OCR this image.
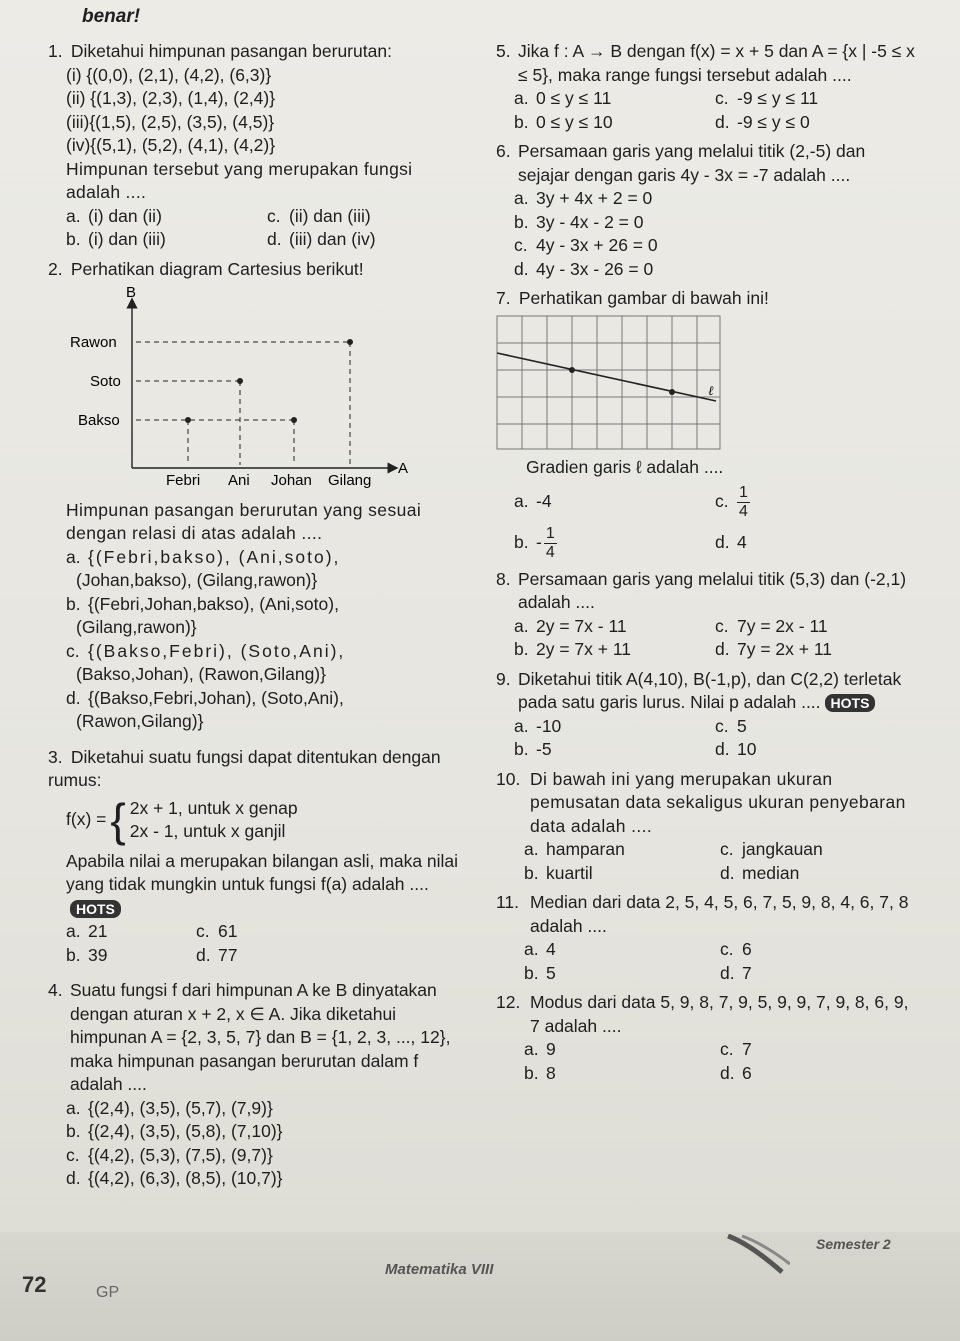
benar!
1. Diketahui himpunan pasangan berurutan:
(i) {(0,0), (2,1), (4,2), (6,3)}
(ii) {(1,3), (2,3), (1,4), (2,4)}
(iii){(1,5), (2,5), (3,5), (4,5)}
(iv){(5,1), (5,2), (4,1), (4,2)}
Himpunan tersebut yang merupakan fungsi adalah ....
a. (i) dan (ii)	c. (ii) dan (iii)
b. (i) dan (iii)	d. (iii) dan (iv)
2. Perhatikan diagram Cartesius berikut!
B
A
Rawon
Soto
Bakso
Febri Ani Johan Gilang
Himpunan pasangan berurutan yang sesuai dengan relasi di atas adalah ....
a. {(Febri,bakso), (Ani,soto),
(Johan,bakso), (Gilang,rawon)}
b. {(Febri,Johan,bakso), (Ani,soto),
(Gilang,rawon)}
c. {(Bakso,Febri), (Soto,Ani),
(Bakso,Johan), (Rawon,Gilang)}
d. {(Bakso,Febri,Johan), (Soto,Ani),
(Rawon,Gilang)}
3. Diketahui suatu fungsi dapat ditentukan dengan rumus:
f(x) = { 2x + 1, untuk x genap
2x - 1, untuk x ganjil
Apabila nilai a merupakan bilangan asli, maka nilai yang tidak mungkin untuk fungsi f(a) adalah ....HOTS
a. 21	c. 61
b. 39	d. 77
4. Suatu fungsi f dari himpunan A ke B dinyatakan dengan aturan x + 2, x ∈ A. Jika diketahui himpunan A = {2, 3, 5, 7} dan B = {1, 2, 3, ..., 12}, maka himpunan pasangan berurutan dalam f adalah ....
a. {(2,4), (3,5), (5,7), (7,9)}
b. {(2,4), (3,5), (5,8), (7,10)}
c. {(4,2), (5,3), (7,5), (9,7)}
d. {(4,2), (6,3), (8,5), (10,7)}
5. Jika f : A → B dengan f(x) = x + 5 dan A = {x | -5 ≤ x ≤ 5}, maka range fungsi tersebut adalah ....
a. 0 ≤ y ≤ 11	c. -9 ≤ y ≤ 11
b. 0 ≤ y ≤ 10	d. -9 ≤ y ≤ 0
6. Persamaan garis yang melalui titik (2,-5) dan sejajar dengan garis 4y - 3x = -7 adalah ....
a. 3y + 4x + 2 = 0
b. 3y - 4x - 2 = 0
c. 4y - 3x + 26 = 0
d. 4y - 3x - 26 = 0
7. Perhatikan gambar di bawah ini!
ℓ
Gradien garis ℓ adalah ....
a. -4	c. $\frac{1}{4}$
b. - $\frac{1}{4}$	d. 4
8. Persamaan garis yang melalui titik (5,3) dan (-2,1) adalah ....
a. 2y = 7x - 11	c. 7y = 2x - 11
b. 2y = 7x + 11	d. 7y = 2x + 11
9. Diketahui titik A(4,10), B(-1,p), dan C(2,2) terletak pada satu garis lurus. Nilai p adalah .... HOTS
a. -10	c. 5
b. -5	d. 10
10. Di bawah ini yang merupakan ukuran pemusatan data sekaligus ukuran penyebaran data adalah ....
a. hamparan	c. jangkauan
b. kuartil	d. median
11. Median dari data 2, 5, 4, 5, 6, 7, 5, 9, 8, 4, 6, 7, 8 adalah ....
a. 4	c. 6
b. 5	d. 7
12. Modus dari data 5, 9, 8, 7, 9, 5, 9, 9, 7, 9, 8, 6, 9, 7 adalah ....
a. 9	c. 7
b. 8	d. 6
72	GP
Matematika VIII
Semester 2
